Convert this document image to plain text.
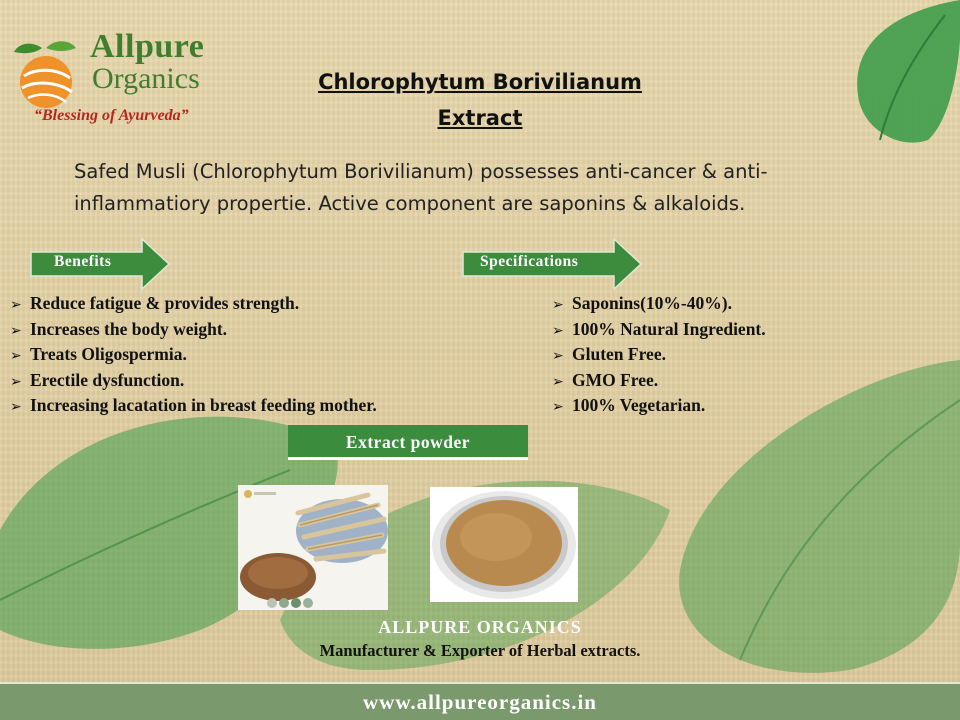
Allpure
Organics
“Blessing of Ayurveda”
Chlorophytum Borivilianum
Extract
Safed Musli (Chlorophytum Borivilianum) possesses anti-cancer & anti-
inflammatiory propertie. Active component are saponins & alkaloids.
Benefits	Specifications
➢ Reduce fatigue & provides strength.
➢ Increases the body weight.
➢ Treats Oligospermia.
➢ Erectile dysfunction.
➢ Increasing lacatation in breast feeding mother.
➢ Saponins(10%-40%).
➢ 100% Natural Ingredient.
➢ Gluten Free.
➢ GMO Free.
➢ 100% Vegetarian.
Extract powder
ALLPURE ORGANICS
Manufacturer & Exporter of Herbal extracts.
www.allpureorganics.in
